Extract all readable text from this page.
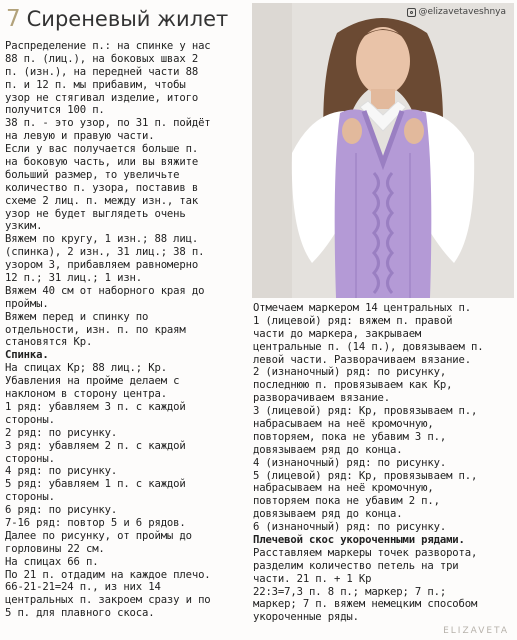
7 Сиреневый жилет
Распределение п.: на спинке у нас
88 п. (лиц.), на боковых швах 2
п. (изн.), на передней части 88
п. и 12 п. мы прибавим, чтобы
узор не стягивал изделие, итого
получится 100 п.
38 п. - это узор, по 31 п. пойдёт
на левую и правую части.
Если у вас получается больше п.
на боковую часть, или вы вяжите
больший размер, то увеличьте
количество п. узора, поставив в
схеме 2 лиц. п. между изн., так
узор не будет выглядеть очень
узким.
Вяжем по кругу, 1 изн.; 88 лиц.
(спинка), 2 изн., 31 лиц.; 38 п.
узором 3, прибавляем равномерно
12 п.; 31 лиц.; 1 изн.
Вяжем 40 см от наборного края до
проймы.
Вяжем перед и спинку по
отдельности, изн. п. по краям
становятся Кр.
Спинка.
На спицах Кр; 88 лиц.; Кр.
Убавления на пройме делаем с
наклоном в сторону центра.
1 ряд: убавляем 3 п. с каждой
стороны.
2 ряд: по рисунку.
3 ряд: убавляем 2 п. с каждой
стороны.
4 ряд: по рисунку.
5 ряд: убавляем 1 п. с каждой
стороны.
6 ряд: по рисунку.
7-16 ряд: повтор 5 и 6 рядов.
Далее по рисунку, от проймы до
горловины 22 см.
На спицах 66 п.
По 21 п. отдадим на каждое плечо.
66-21-21=24 п., из них 14
центральных п. закроем сразу и по
5 п. для плавного скоса.
@elizavetaveshnya
Отмечаем маркером 14 центральных п.
1 (лицевой) ряд: вяжем п. правой
части до маркера, закрываем
центральные п. (14 п.), довязываем п.
левой части. Разворачиваем вязание.
2 (изнаночный) ряд: по рисунку,
последнюю п. провязываем как Кр,
разворачиваем вязание.
3 (лицевой) ряд: Кр, провязываем п.,
набрасываем на неё кромочную,
повторяем, пока не убавим 3 п.,
довязываем ряд до конца.
4 (изнаночный) ряд: по рисунку.
5 (лицевой) ряд: Кр, провязываем п.,
набрасываем на неё кромочную,
повторяем пока не убавим 2 п.,
довязываем ряд до конца.
6 (изнаночный) ряд: по рисунку.
Плечевой скос укороченными рядами.
Расставляем маркеры точек разворота,
разделим количество петель на три
части. 21 п. + 1 Кр
22:3=7,3 п. 8 п.; маркер; 7 п.;
маркер; 7 п. вяжем немецким способом
укороченные ряды.
ELIZAVETA
